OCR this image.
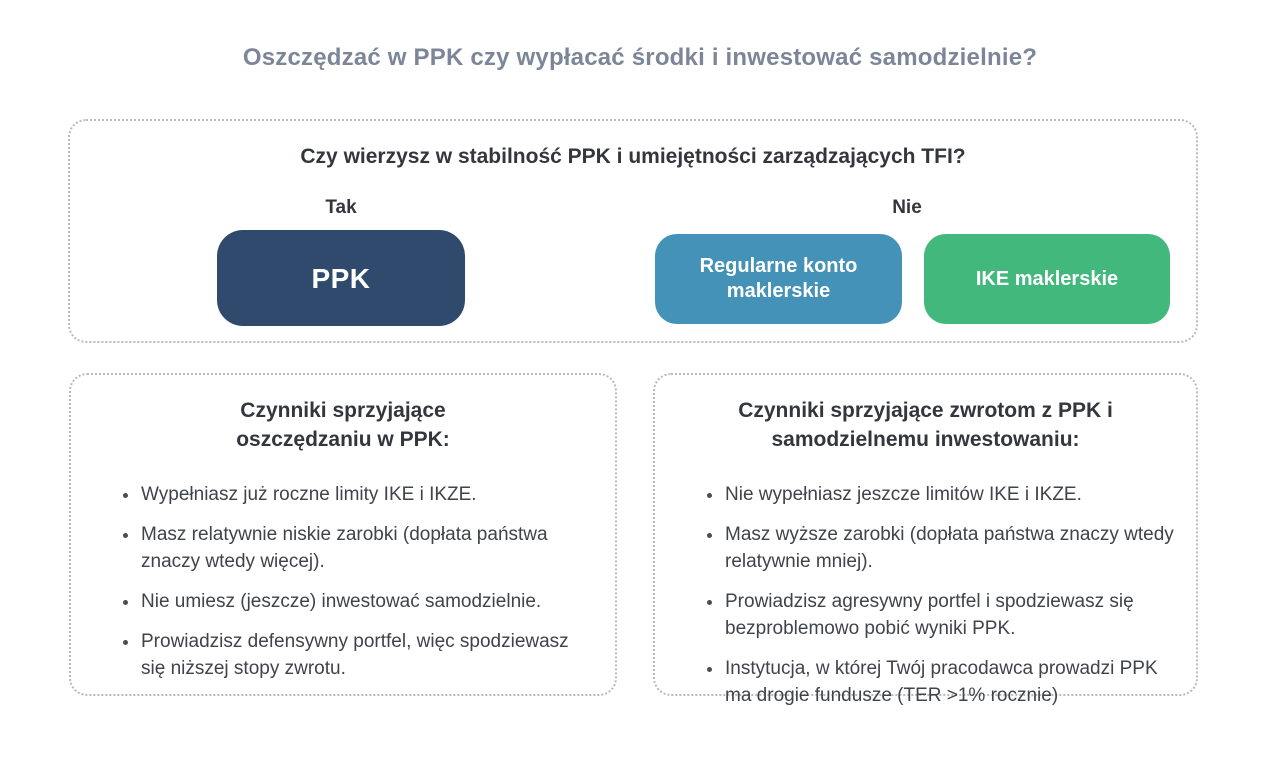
Oszczędzać w PPK czy wypłacać środki i inwestować samodzielnie?
Czy wierzysz w stabilność PPK i umiejętności zarządzających TFI?
Tak	Nie
PPK	Regularne konto maklerskie
IKE maklerskie
Czynniki sprzyjające oszczędzaniu w PPK:
Wypełniasz już roczne limity IKE i IKZE.
Masz relatywnie niskie zarobki (dopłata państwa znaczy wtedy więcej).
Nie umiesz (jeszcze) inwestować samodzielnie.
Prowiadzisz defensywny portfel, więc spodziewasz się niższej stopy zwrotu.
Czynniki sprzyjające zwrotom z PPK i samodzielnemu inwestowaniu:
Nie wypełniasz jeszcze limitów IKE i IKZE.
Masz wyższe zarobki (dopłata państwa znaczy wtedy relatywnie mniej).
Prowiadzisz agresywny portfel i spodziewasz się bezproblemowo pobić wyniki PPK.
Instytucja, w której Twój pracodawca prowadzi PPK ma drogie fundusze (TER >1% rocznie)
